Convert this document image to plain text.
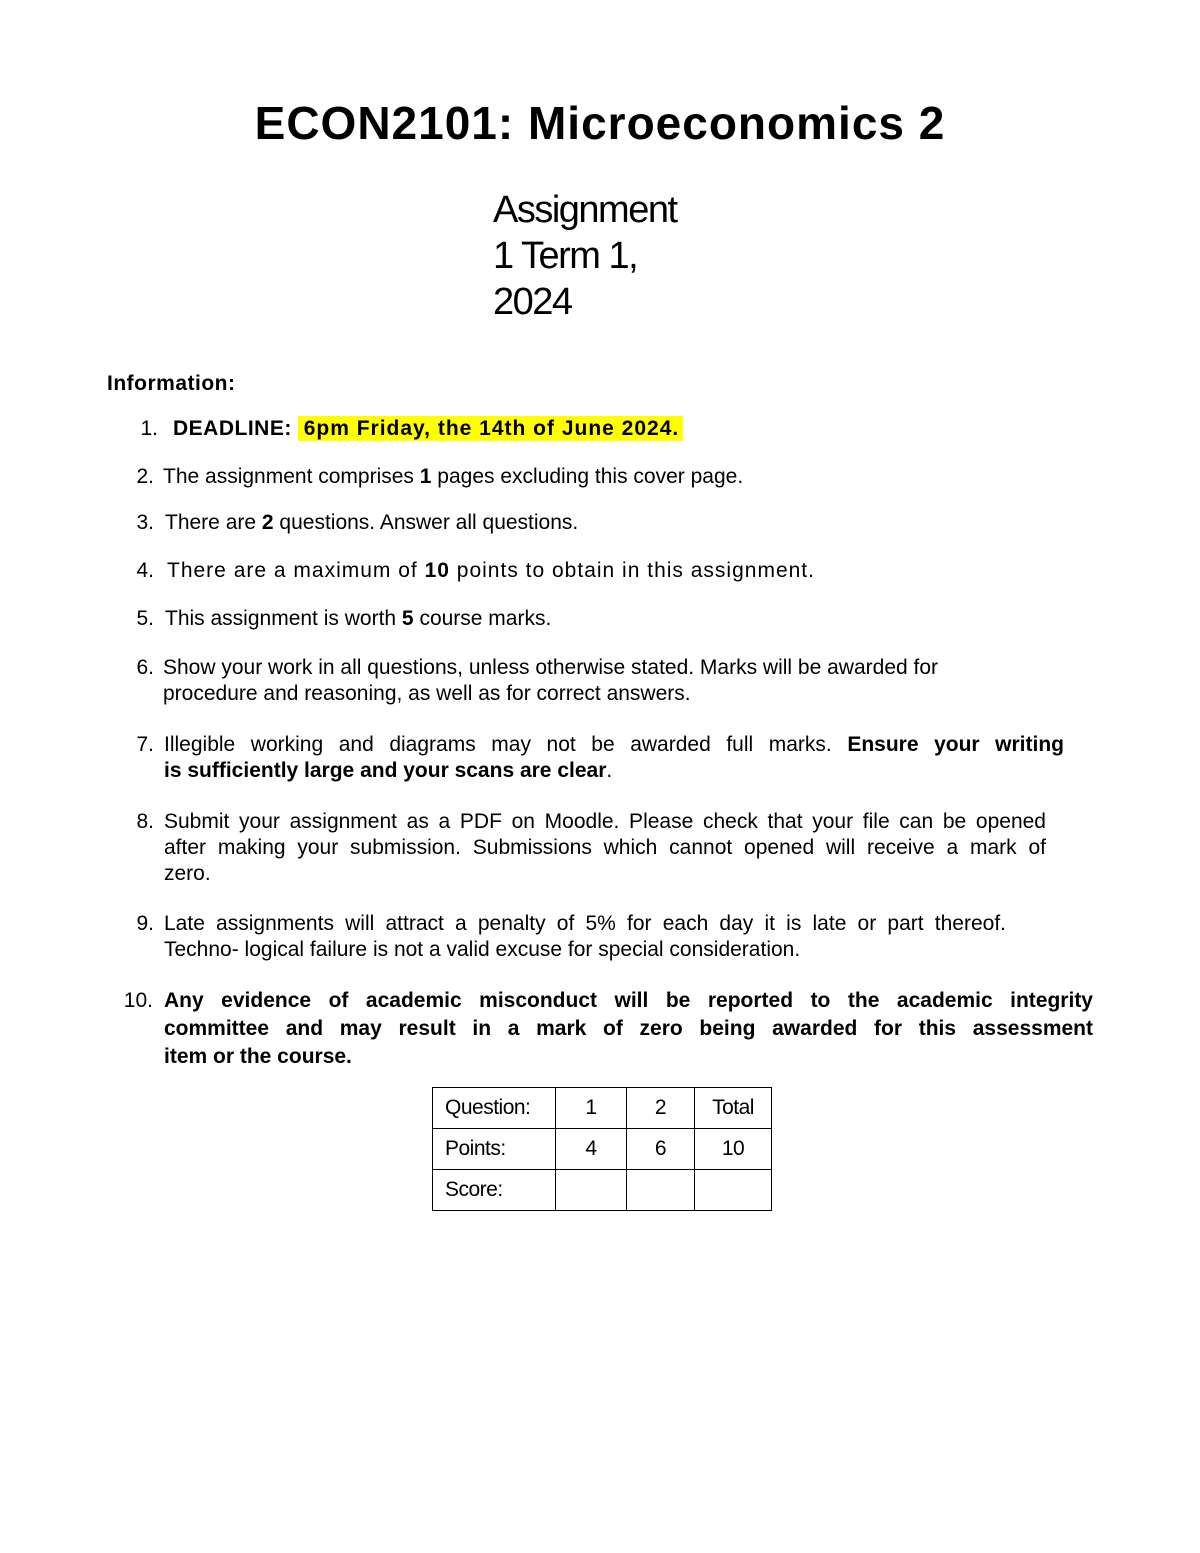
ECON2101: Microeconomics 2
Assignment
1 Term 1,
2024
Information:
1. DEADLINE: 6pm Friday, the 14th of June 2024.
2. The assignment comprises 1 pages excluding this cover page.
3. There are 2 questions. Answer all questions.
4. There are a maximum of 10 points to obtain in this assignment.
5. This assignment is worth 5 course marks.
6. Show your work in all questions, unless otherwise stated. Marks will be awarded for
procedure and reasoning, as well as for correct answers.
7. Illegible working and diagrams may not be awarded full marks. Ensure your writing
is sufficiently large and your scans are clear.
8. Submit your assignment as a PDF on Moodle. Please check that your file can be opened
after making your submission. Submissions which cannot opened will receive a mark of
zero.
9. Late assignments will attract a penalty of 5% for each day it is late or part thereof.
Techno- logical failure is not a valid excuse for special consideration.
10. Any evidence of academic misconduct will be reported to the academic integrity
committee and may result in a mark of zero being awarded for this assessment
item or the course.
Question:	1	2	Total
Points:	4	6	10
Score:			
